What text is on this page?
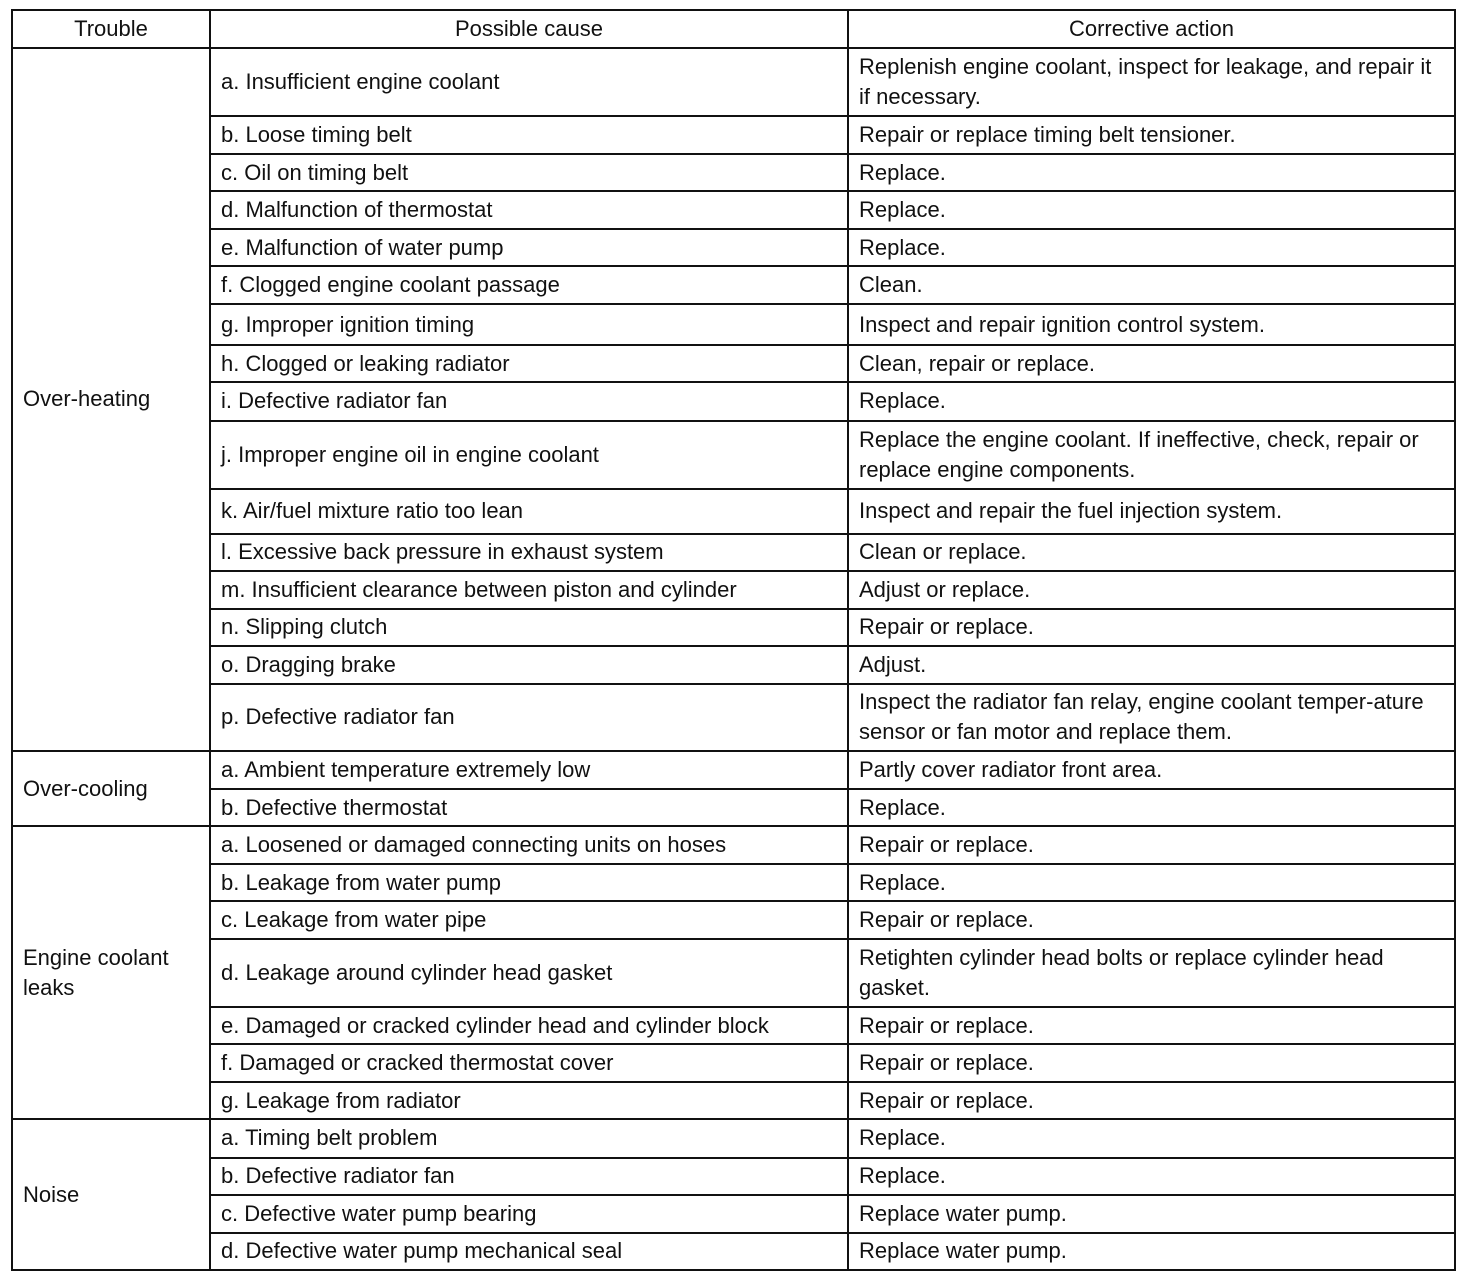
Trouble	Possible cause	Corrective action
Over-heating	a. Insufficient engine coolant	Replenish engine coolant, inspect for leakage, and repair it if necessary.
	b. Loose timing belt	Repair or replace timing belt tensioner.
	c. Oil on timing belt	Replace.
	d. Malfunction of thermostat	Replace.
	e. Malfunction of water pump	Replace.
	f. Clogged engine coolant passage	Clean.
	g. Improper ignition timing	Inspect and repair ignition control system.
	h. Clogged or leaking radiator	Clean, repair or replace.
	i. Defective radiator fan	Replace.
	j. Improper engine oil in engine coolant	Replace the engine coolant. If ineffective, check, repair or replace engine components.
	k. Air/fuel mixture ratio too lean	Inspect and repair the fuel injection system.
	l. Excessive back pressure in exhaust system	Clean or replace.
	m. Insufficient clearance between piston and cylinder	Adjust or replace.
	n. Slipping clutch	Repair or replace.
	o. Dragging brake	Adjust.
	p. Defective radiator fan	Inspect the radiator fan relay, engine coolant temper-ature sensor or fan motor and replace them.
Over-cooling	a. Ambient temperature extremely low	Partly cover radiator front area.
	b. Defective thermostat	Replace.
Engine coolant leaks	a. Loosened or damaged connecting units on hoses	Repair or replace.
	b. Leakage from water pump	Replace.
	c. Leakage from water pipe	Repair or replace.
	d. Leakage around cylinder head gasket	Retighten cylinder head bolts or replace cylinder head gasket.
	e. Damaged or cracked cylinder head and cylinder block	Repair or replace.
	f. Damaged or cracked thermostat cover	Repair or replace.
	g. Leakage from radiator	Repair or replace.
Noise	a. Timing belt problem	Replace.
	b. Defective radiator fan	Replace.
	c. Defective water pump bearing	Replace water pump.
	d. Defective water pump mechanical seal	Replace water pump.
